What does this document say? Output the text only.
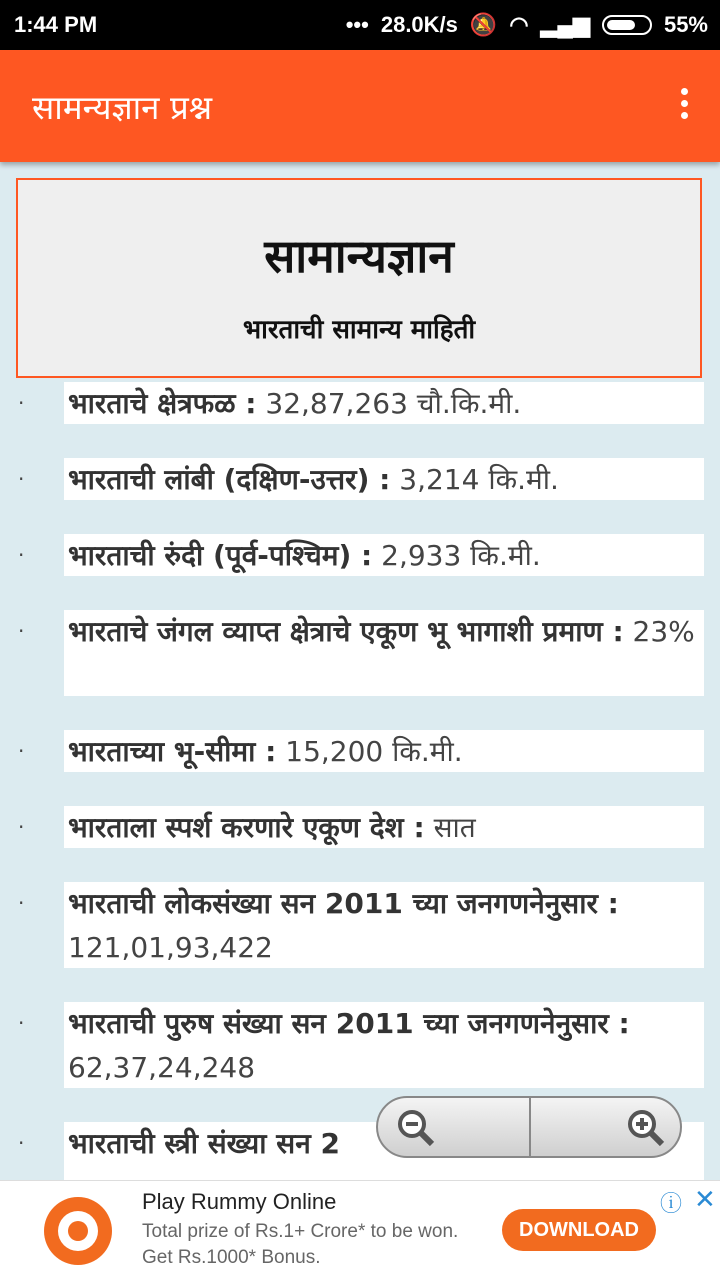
1:44 PM	••• 28.0K/s 🔕 ◠ ▂▄▆	55%
सामन्यज्ञान प्रश्न
सामान्यज्ञान
भारताची सामान्य माहिती
· भारताचे क्षेत्रफळ : 32,87,263 चौ.कि.मी.
· भारताची लांबी (दक्षिण-उत्तर) : 3,214 कि.मी.
· भारताची रुंदी (पूर्व-पश्चिम) : 2,933 कि.मी.
· भारताचे जंगल व्याप्त क्षेत्राचे एकूण भू भागाशी प्रमाण : 23%
· भारताच्या भू-सीमा : 15,200 कि.मी.
· भारताला स्पर्श करणारे एकूण देश : सात
· भारताची लोकसंख्या सन 2011 च्या जनगणनेनुसार : 121,01,93,422
· भारताची पुरुष संख्या सन 2011 च्या जनगणनेनुसार : 62,37,24,248
· भारताची स्त्री संख्या सन 2
Play Rummy Online
Total prize of Rs.1+ Crore* to be won. Get Rs.1000* Bonus.
DOWNLOAD
ⓘ ✕
